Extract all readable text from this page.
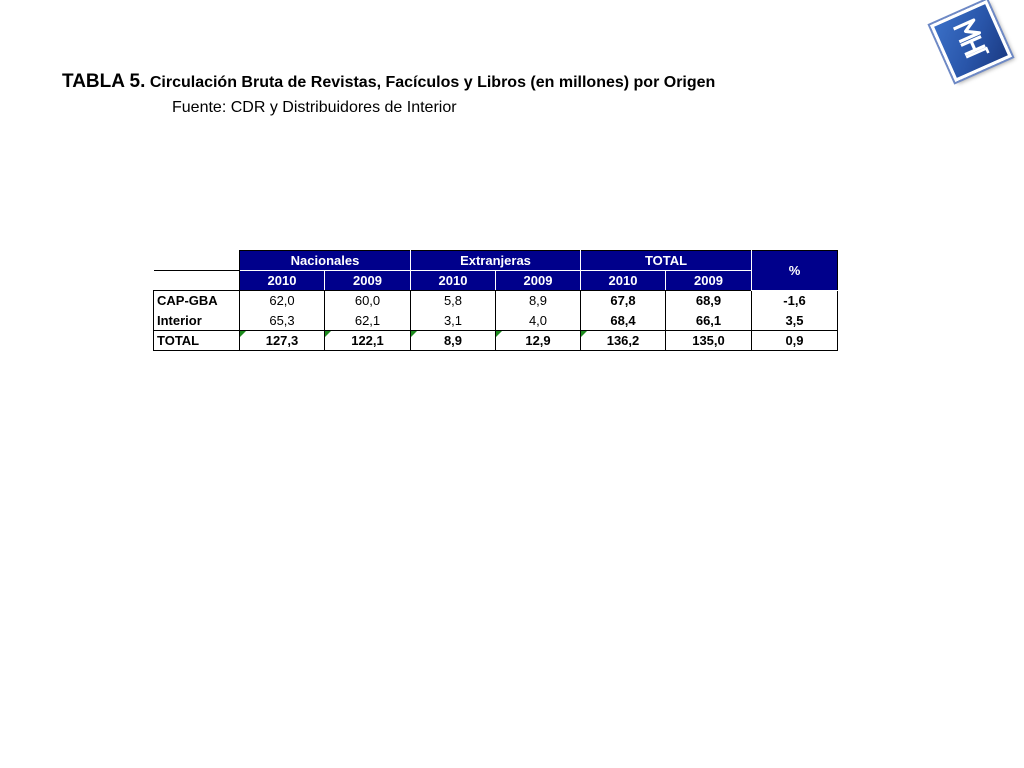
TABLA 5. Circulación Bruta de Revistas, Facículos y Libros (en millones) por Origen
Fuente: CDR y Distribuidores de Interior
	Nacionales		Extranjeras		TOTAL		%
	2010	2009	2010	2009	2010	2009	
CAP-GBA	62,0	60,0	5,8	8,9	67,8	68,9	-1,6
Interior	65,3	62,1	3,1	4,0	68,4	66,1	3,5
TOTAL	127,3	122,1	8,9	12,9	136,2	135,0	0,9
